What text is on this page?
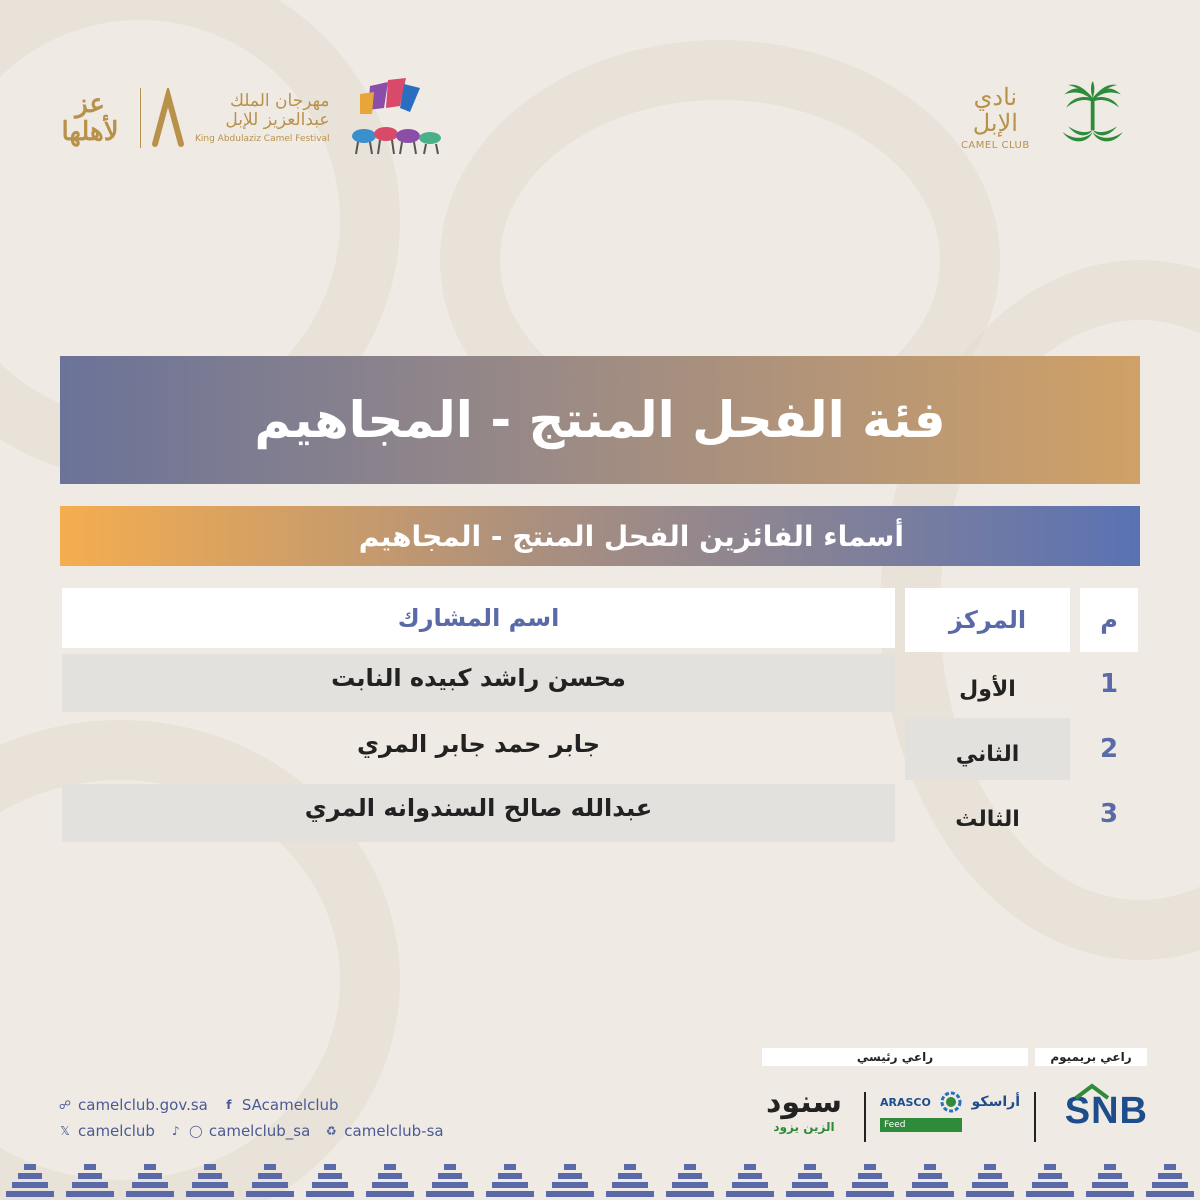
نادي الإبل
CAMEL CLUB
عز لأهلها
مهرجان الملك عبدالعزيز للإبل
King Abdulaziz Camel Festival
فئة الفحل المنتج - المجاهيم
أسماء الفائزين الفحل المنتج - المجاهيم
م
المركز
اسم المشارك
1
الأول
محسن راشد كبيده النابت
2
الثاني
جابر حمد جابر المري
3
الثالث
عبدالله صالح السندوانه المري
راعي بريميوم
راعي رئيسي
SNB
ARASCO	أراسكو
Feed
سنود
الزين يزود
☍ camelclub.gov.sa	f SAcamelclub
𝕏 camelclub ♪ ◯ camelclub_sa ♻ camelclub-sa
